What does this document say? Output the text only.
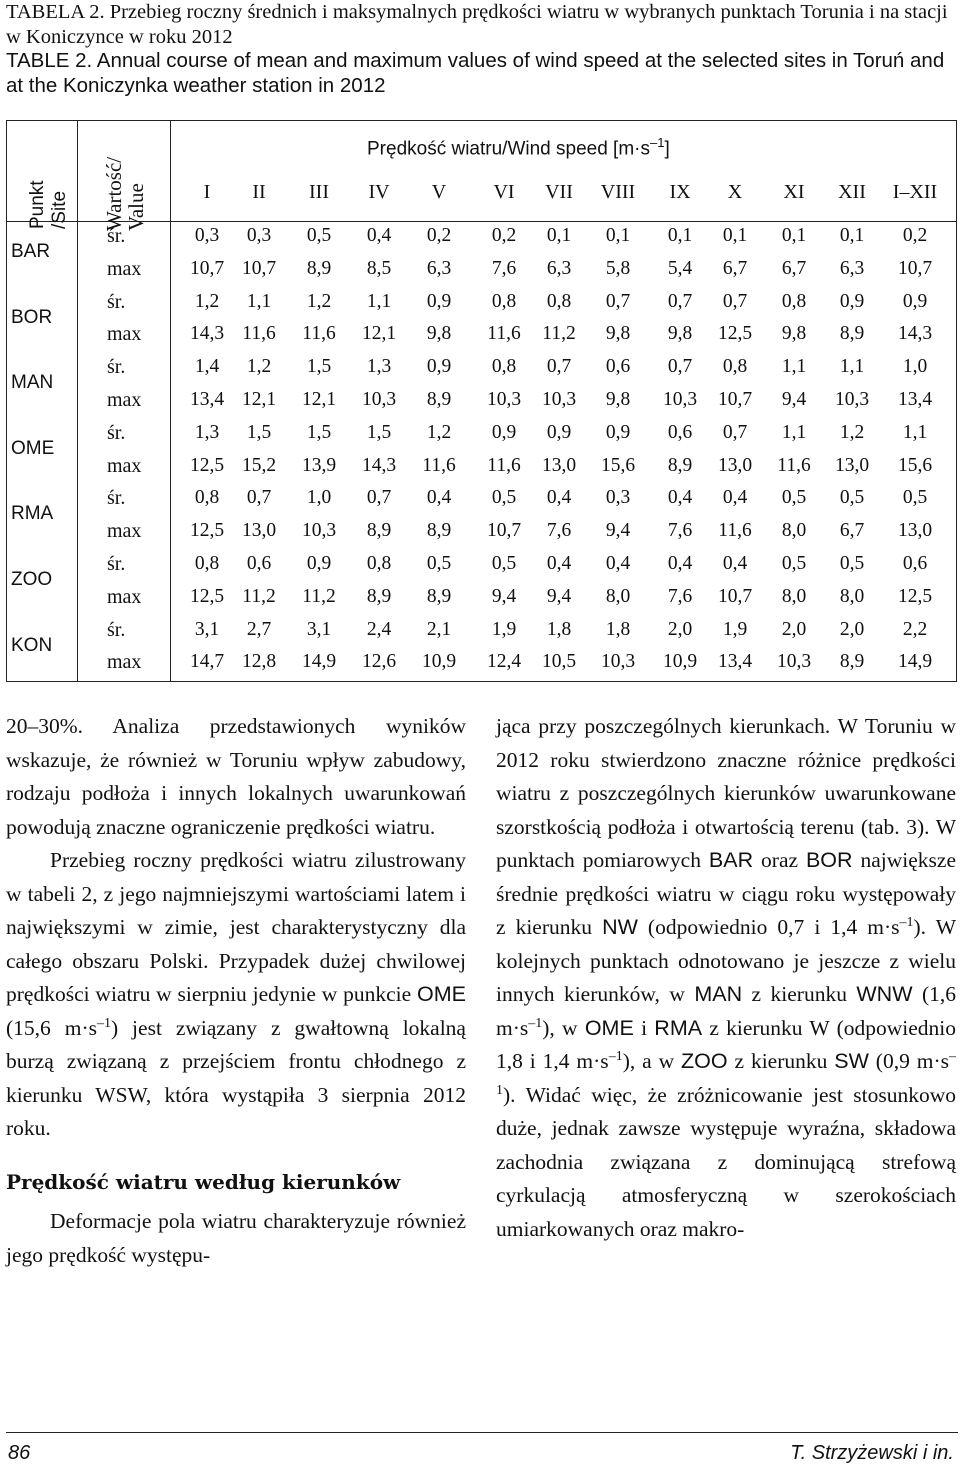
TABELA 2. Przebieg roczny średnich i maksymalnych prędkości wiatru w wybranych punktach Torunia i na stacji w Koniczynce w roku 2012
TABLE 2. Annual course of mean and maximum values of wind speed at the selected sites in Toruń and at the Koniczynka weather station in 2012
Punkt /Site Wartość/ Value
Prędkość wiatru/Wind speed $[m\cdot s^{-1}]$
I	II	III	IV	V	VI	VII	VIII	IX	X	XI	XII	I–XII
BAR
śr.
max
0,3	0,3	0,5	0,4	0,2	0,2	0,1	0,1	0,1	0,1	0,1	0,1	0,2
10,7 10,7	8,9	8,5	6,3	7,6	6,3	5,8	5,4	6,7	6,7	6,3	10,7
BOR
śr.
max
1,2	1,1	1,2	1,1	0,9	0,8	0,8	0,7	0,7	0,7	0,8	0,9	0,9
14,3 11,6	11,6	12,1	9,8	11,6	11,2	9,8	9,8	12,5	9,8	8,9	14,3
MAN
śr.
max
1,4	1,2	1,5	1,3	0,9	0,8	0,7	0,6	0,7	0,8	1,1	1,1	1,0
13,4 12,1	12,1	10,3	8,9	10,3	10,3	9,8	10,3	10,7	9,4	10,3	13,4
OME
śr.
max
1,3	1,5	1,5	1,5	1,2	0,9	0,9	0,9	0,6	0,7	1,1	1,2	1,1
12,5 15,2	13,9	14,3	11,6	11,6	13,0	15,6	8,9	13,0	11,6	13,0	15,6
RMA
śr.
max
0,8	0,7	1,0	0,7	0,4	0,5	0,4	0,3	0,4	0,4	0,5	0,5	0,5
12,5 13,0	10,3	8,9	8,9	10,7	7,6	9,4	7,6	11,6	8,0	6,7	13,0
ZOO
śr.
max
0,8	0,6	0,9	0,8	0,5	0,5	0,4	0,4	0,4	0,4	0,5	0,5	0,6
12,5 11,2	11,2	8,9	8,9	9,4	9,4	8,0	7,6	10,7	8,0	8,0	12,5
KON
śr.
max
3,1	2,7	3,1	2,4	2,1	1,9	1,8	1,8	2,0	1,9	2,0	2,0	2,2
14,7 12,8	14,9	12,6	10,9	12,4	10,5	10,3	10,9	13,4	10,3	8,9	14,9

20–30%. Analiza przedstawionych wyników wskazuje, że również w Toruniu wpływ zabudowy, rodzaju podłoża i innych lokalnych uwarunkowań powodują znaczne ograniczenie prędkości wiatru.

Przebieg roczny prędkości wiatru zilustrowany w tabeli 2, z jego najmniejszymi wartościami latem i największymi w zimie, jest charakterystyczny dla całego obszaru Polski. Przypadek dużej chwilowej prędkości wiatru w sierpniu jedynie w punkcie OME (15,6 $m\cdot s^{-1}$) jest związany z gwałtowną lokalną burzą związaną z przejściem frontu chłodnego z kierunku WSW, która wystąpiła 3 sierpnia 2012 roku.

Prędkość wiatru według kierunków

Deformacje pola wiatru charakteryzuje również jego prędkość występu-

jąca przy poszczególnych kierunkach. W Toruniu w 2012 roku stwierdzono znaczne różnice prędkości wiatru z poszczególnych kierunków uwarunkowane szorstkością podłoża i otwartością terenu (tab. 3). W punktach pomiarowych BAR oraz BOR największe średnie prędkości wiatru w ciągu roku występowały z kierunku NW (odpowiednio 0,7 i 1,4 $m\cdot s^{-1}$). W kolejnych punktach odnotowano je jeszcze z wielu innych kierunków, w MAN z kierunku WNW (1,6 $m\cdot s^{-1}$), w OME i RMA z kierunku W (odpowiednio 1,8 i 1,4 $m\cdot s^{-1}$), a w ZOO z kierunku SW (0,9 $m\cdot s^{-1}$). Widać więc, że zróżnicowanie jest stosunkowo duże, jednak zawsze występuje wyraźna, składowa zachodnia związana z dominującą strefową cyrkulacją atmosferyczną w szerokościach umiarkowanych oraz makro-

86	T. Strzyżewski i in.
